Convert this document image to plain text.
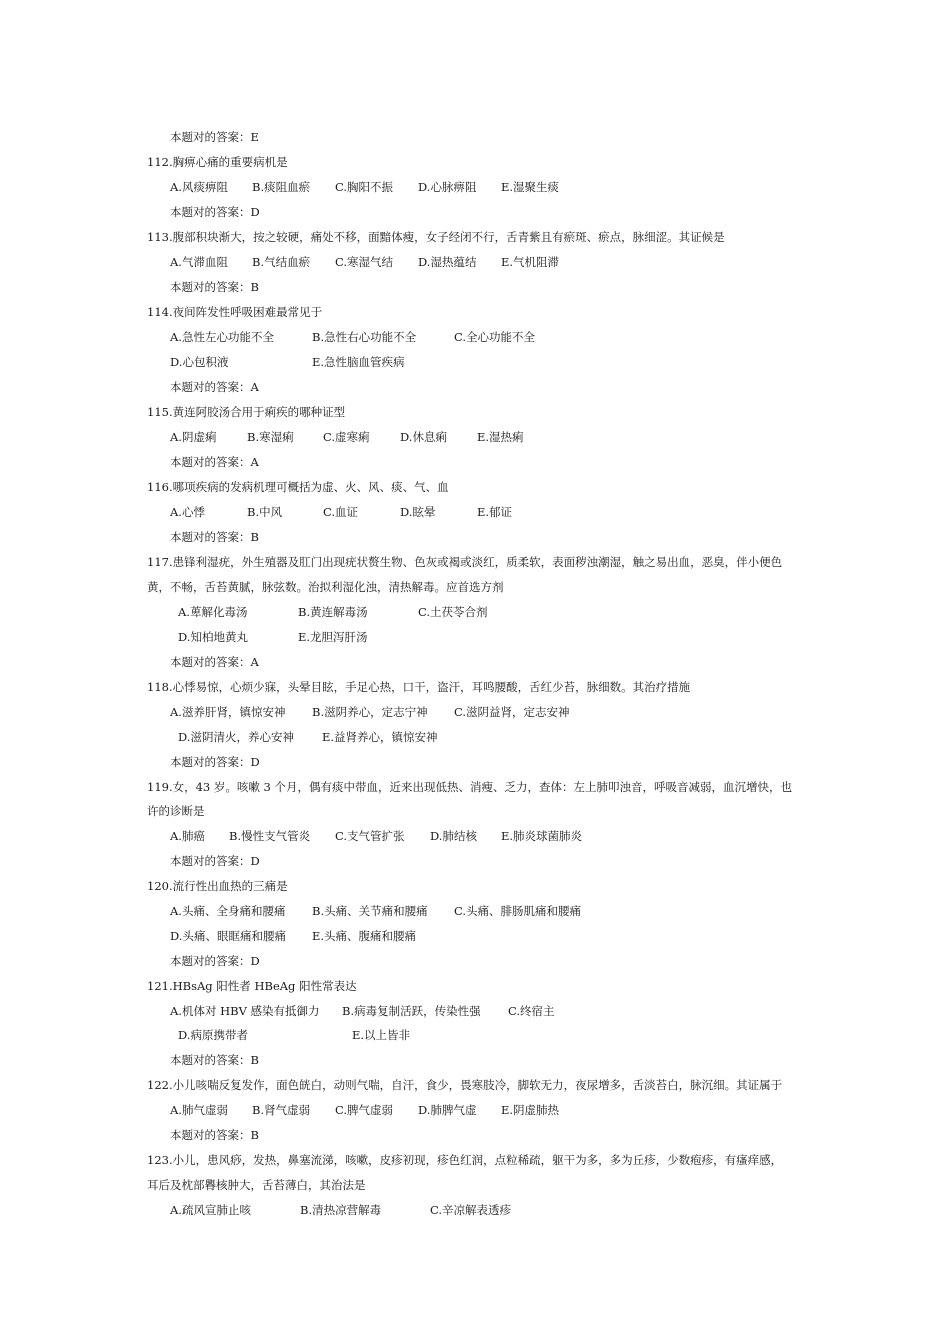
本题对的答案：E
112.胸痹心痛的重要病机是
A.风痰痹阻 B.痰阻血瘀 C.胸阳不振 D.心脉痹阻 E.湿聚生痰
本题对的答案：D
113.腹部积块渐大，按之较硬，痛处不移，面黯体瘦，女子经闭不行，舌青紫且有瘀斑、瘀点，脉细涩。其证候是
A.气滞血阻 B.气结血瘀 C.寒湿气结 D.湿热蕴结 E.气机阻滞
本题对的答案：B
114.夜间阵发性呼吸困难最常见于
A.急性左心功能不全	B.急性右心功能不全	C.全心功能不全
D.心包积液	E.急性脑血管疾病
本题对的答案：A
115.黄连阿胶汤合用于痢疾的哪种证型
A.阴虚痢	B.寒湿痢	C.虚寒痢	D.休息痢	E.湿热痢
本题对的答案：A
116.哪项疾病的发病机理可概括为虚、火、风、痰、气、血
A.心悸	B.中风	C.血证	D.眩晕	E.郁证
本题对的答案：B
117.患锋利湿疣，外生殖器及肛门出现疣状赘生物、色灰或褐或淡红，质柔软，表面秽浊潮湿，触之易出血，恶臭，伴小便色
黄，不畅，舌苔黄腻，脉弦数。治拟利湿化浊，清热解毒。应首选方剂
A.萆解化毒汤	B.黄连解毒汤	C.土茯苓合剂
D.知柏地黄丸	E.龙胆泻肝汤
本题对的答案：A
118.心悸易惊，心烦少寐，头晕目眩，手足心热，口干，盗汗，耳鸣腰酸，舌红少苔，脉细数。其治疗措施
A.滋养肝肾，镇惊安神 B.滋阴养心，定志宁神 C.滋阴益肾，定志安神
D.滋阴清火，养心安神 E.益肾养心，镇惊安神
本题对的答案：D
119.女，43 岁。咳嗽 3 个月，偶有痰中带血，近来出现低热、消瘦、乏力，查体：左上肺叩浊音，呼吸音减弱，血沉增快，也
许的诊断是
A.肺癌 B.慢性支气管炎 C.支气管扩张 D.肺结核 E.肺炎球菌肺炎
本题对的答案：D
120.流行性出血热的三痛是
A.头痛、全身痛和腰痛 B.头痛、关节痛和腰痛 C.头痛、腓肠肌痛和腰痛
D.头痛、眼眶痛和腰痛 E.头痛、腹痛和腰痛
本题对的答案：D
121.HBsAg 阳性者 HBeAg 阳性常表达
A.机体对 HBV 感染有抵御力 B.病毒复制活跃，传染性强 C.终宿主
D.病原携带者	E.以上皆非
本题对的答案：B
122.小儿咳喘反复发作，面色㿠白，动则气喘，自汗，食少，畏寒肢冷，脚软无力，夜尿增多，舌淡苔白，脉沉细。其证属于
A.肺气虚弱 B.肾气虚弱 C.脾气虚弱 D.肺脾气虚 E.阴虚肺热
本题对的答案：B
123.小儿，患风痧，发热，鼻塞流涕，咳嗽，皮疹初现，疹色红润，点粒稀疏，躯干为多，多为丘疹，少数疱疹，有瘙痒感，
耳后及枕部臖核肿大，舌苔薄白，其治法是
A.疏风宣肺止咳	B.清热凉营解毒	C.辛凉解表透疹
